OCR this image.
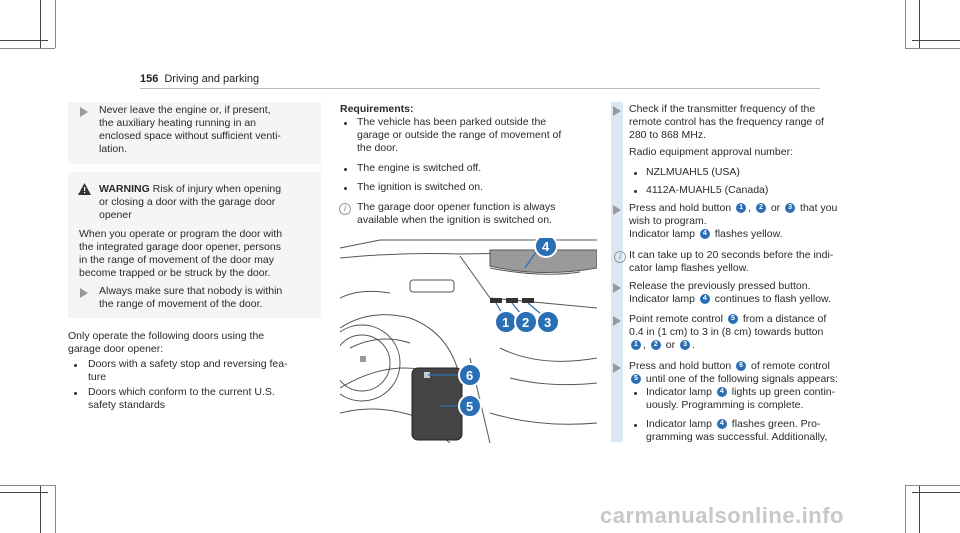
156 Driving and parking
Never leave the engine or, if present,
the auxiliary heating running in an
enclosed space without sufficient venti-
lation.
WARNING Risk of injury when opening
or closing a door with the garage door
opener
When you operate or program the door with
the integrated garage door opener, persons
in the range of movement of the door may
become trapped or be struck by the door.
Always make sure that nobody is within
the range of movement of the door.
Only operate the following doors using the
garage door opener:
Doors with a safety stop and reversing fea-
ture
Doors which conform to the current U.S.
safety standards
Requirements:
The vehicle has been parked outside the
garage or outside the range of movement of
the door.
The engine is switched off.
The ignition is switched on.
i	The garage door opener function is always
available when the ignition is switched on.
1 2 3
4
5
6
Check if the transmitter frequency of the
remote control has the frequency range of
280 to 868 MHz.
Radio equipment approval number:
NZLMUAHL5 (USA)
4112A-MUAHL5 (Canada)
Press and hold button 1 , 2 or 3 that you
wish to program.
Indicator lamp 4 flashes yellow.
i It can take up to 20 seconds before the indi-
cator lamp flashes yellow.
Release the previously pressed button.
Indicator lamp 4 continues to flash yellow.
Point remote control 5 from a distance of
0.4 in (1 cm) to 3 in (8 cm) towards button
1 , 2 or 3 .
Press and hold button 6 of remote control
5 until one of the following signals appears:
Indicator lamp 4 lights up green contin-
uously. Programming is complete.
Indicator lamp 4 flashes green. Pro-
gramming was successful. Additionally,
carmanualsonline.info
